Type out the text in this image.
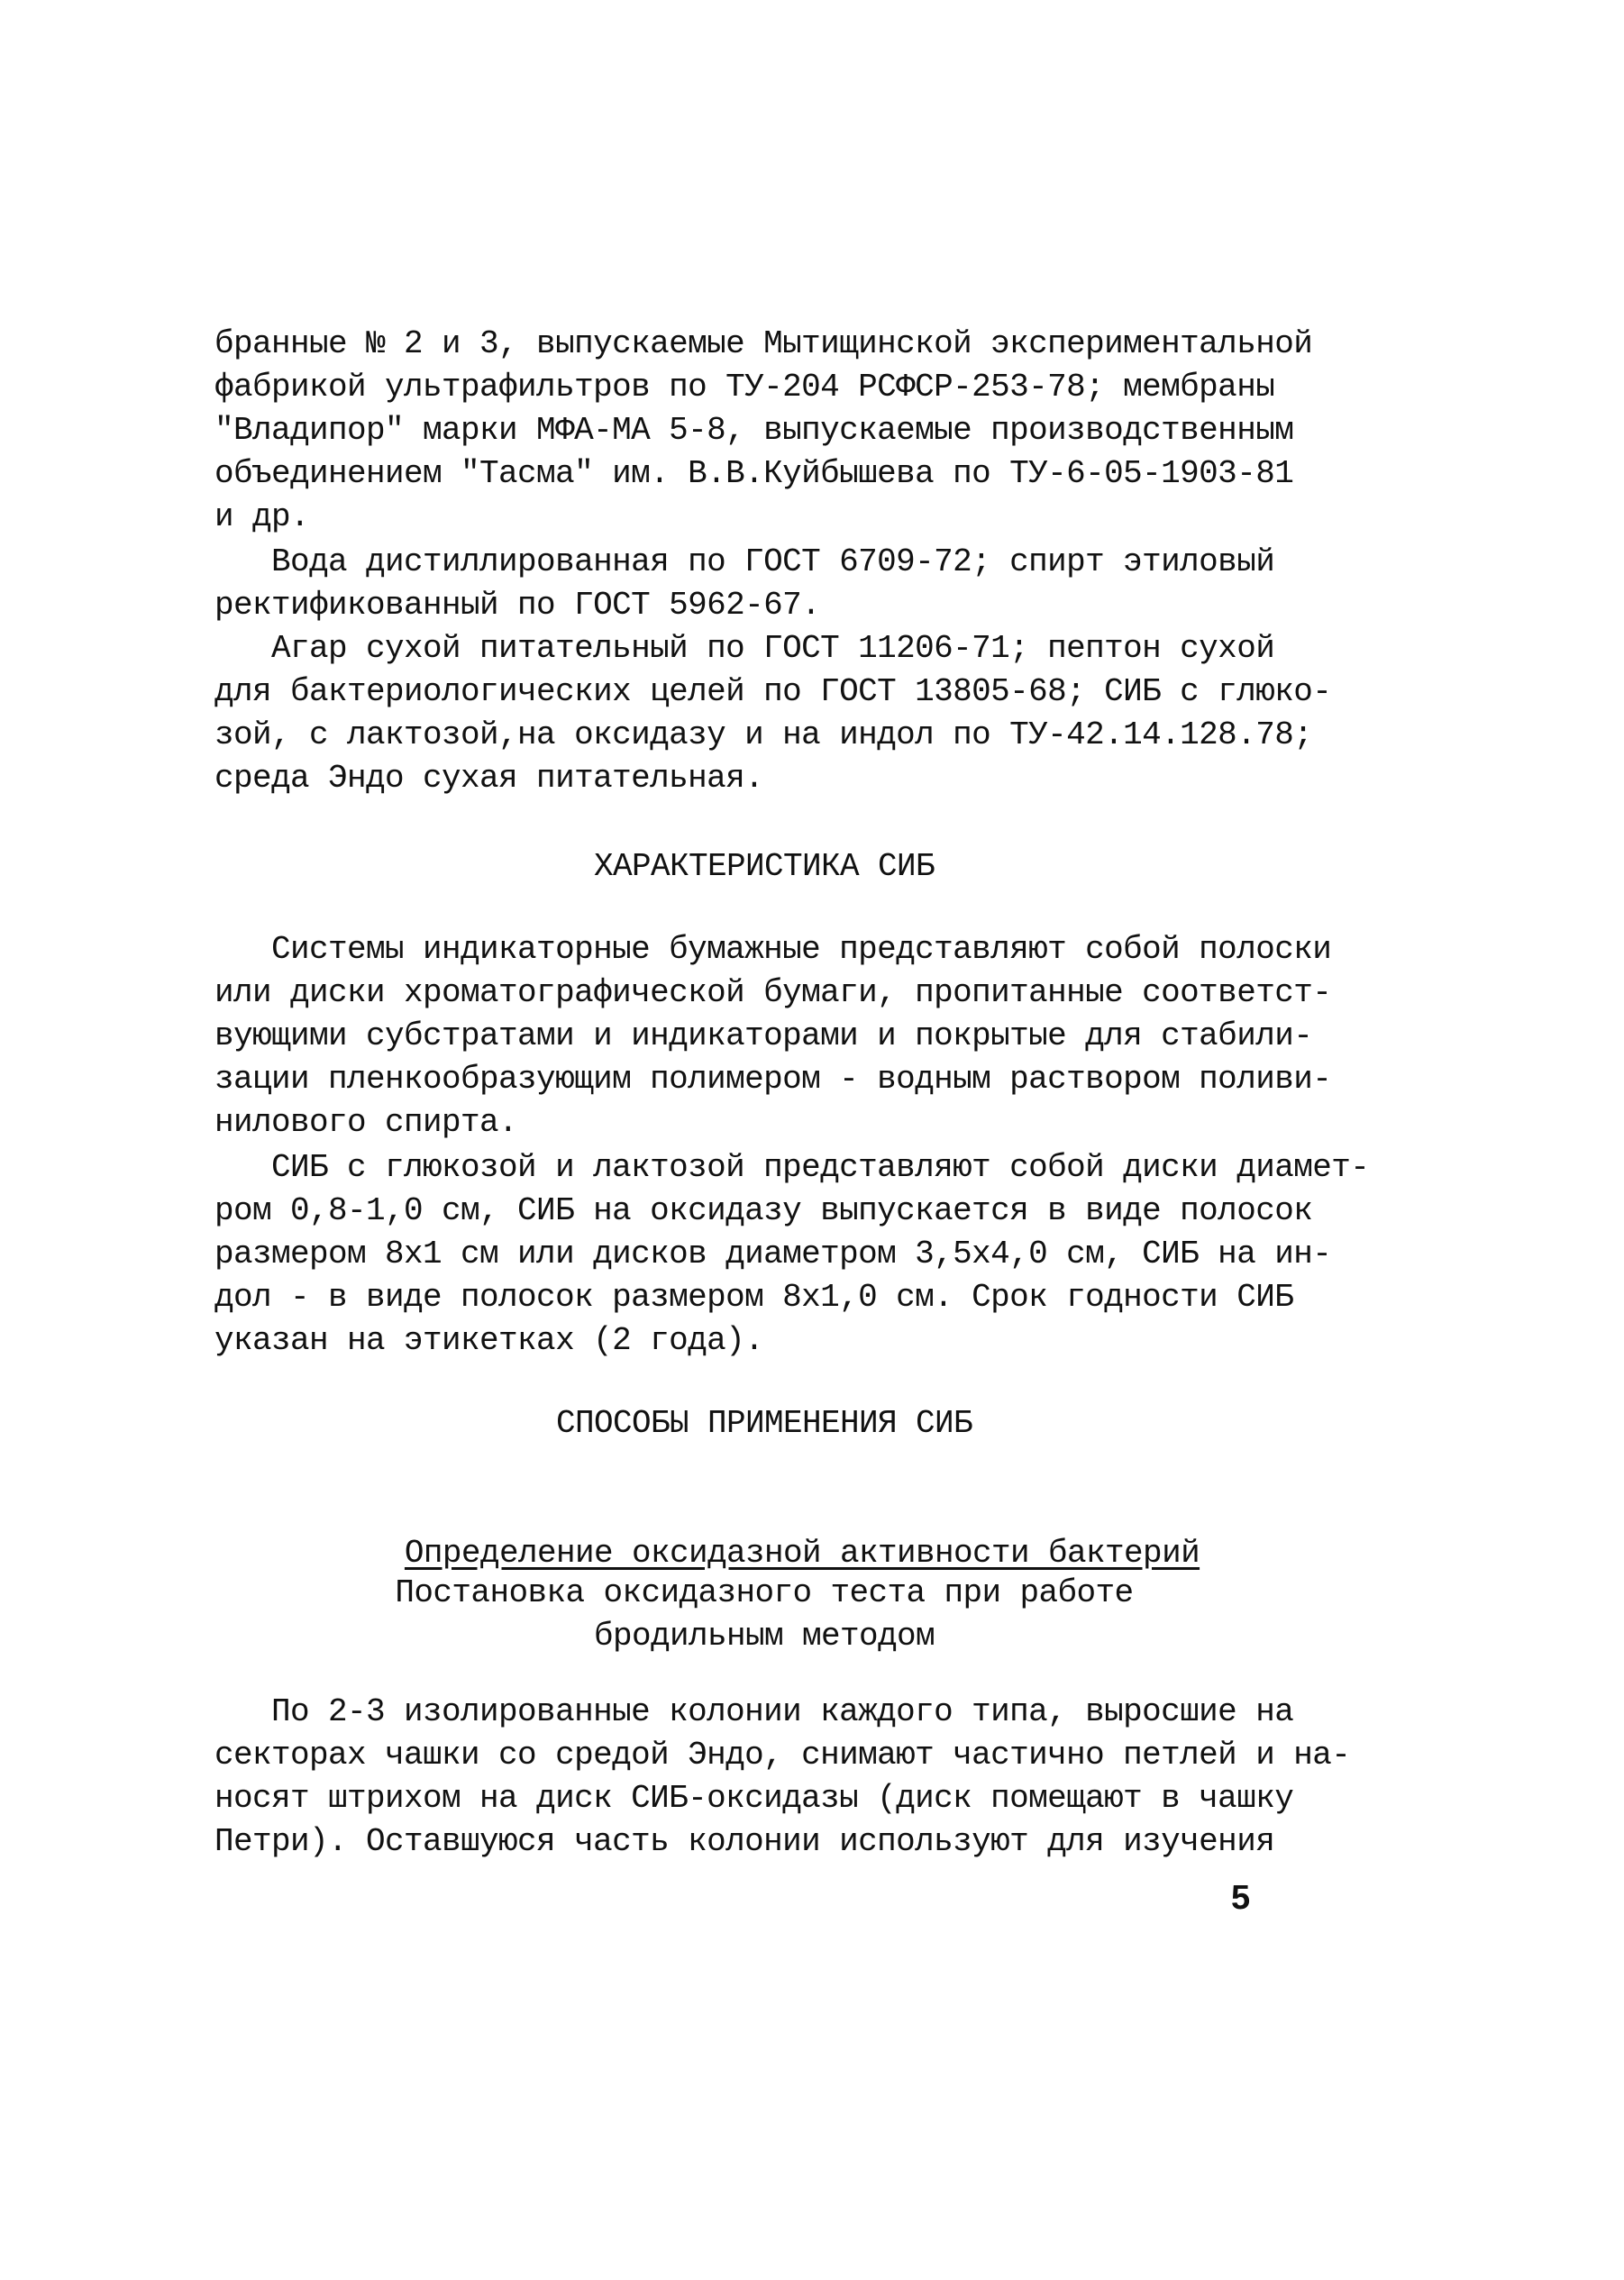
бранные № 2 и 3, выпускаемые Мытищинской экспериментальной
фабрикой ультрафильтров по ТУ-204 РСФСР-253-78; мембраны
"Владипор" марки МФА-МА 5-8, выпускаемые производственным
объединением "Тасма" им. В.В.Куйбышева по ТУ-6-05-1903-81
и др.
Вода дистиллированная по ГОСТ 6709-72; спирт этиловый
ректификованный по ГОСТ 5962-67.
Агар сухой питательный по ГОСТ 11206-71; пептон сухой
для бактериологических целей по ГОСТ 13805-68; СИБ с глюко-
зой, с лактозой,на оксидазу и на индол по ТУ-42.14.128.78;
среда Эндо сухая питательная.
ХАРАКТЕРИСТИКА СИБ
Системы индикаторные бумажные представляют собой полоски
или диски хроматографической бумаги, пропитанные соответст-
вующими субстратами и индикаторами и покрытые для стабили-
зации пленкообразующим полимером - водным раствором поливи-
нилового спирта.
СИБ с глюкозой и лактозой представляют собой диски диамет-
ром 0,8-1,0 см, СИБ на оксидазу выпускается в виде полосок
размером 8х1 см или дисков диаметром 3,5х4,0 см, СИБ на ин-
дол - в виде полосок размером 8х1,0 см. Срок годности СИБ
указан на этикетках (2 года).
СПОСОБЫ ПРИМЕНЕНИЯ СИБ

Определение оксидазной активности бактерий

Постановка оксидазного теста при работе
бродильным методом
По 2-3 изолированные колонии каждого типа, выросшие на
секторах чашки со средой Эндо, снимают частично петлей и на-
носят штрихом на диск СИБ-оксидазы (диск помещают в чашку
Петри). Оставшуюся часть колонии используют для изучения
5
